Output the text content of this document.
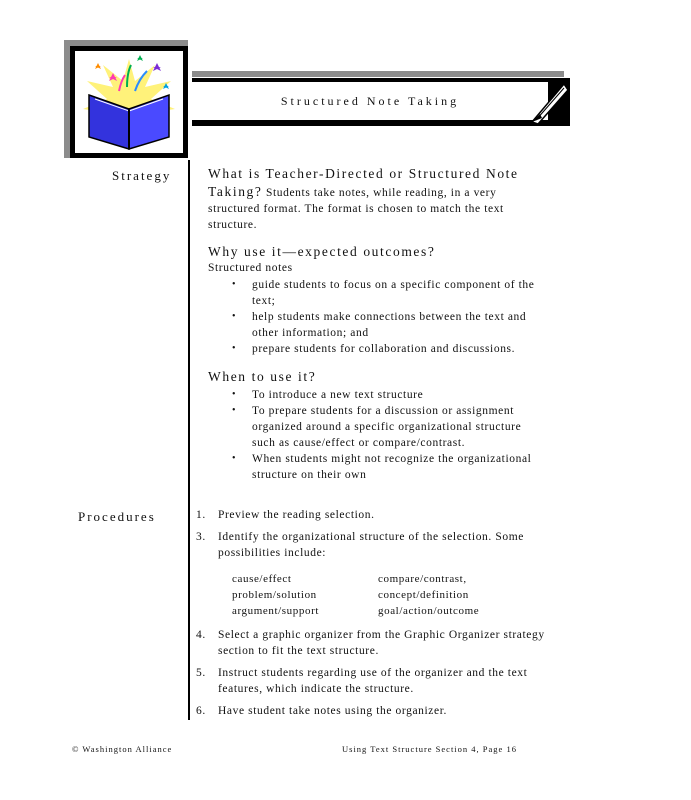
Structured Note Taking
Strategy	What is Teacher-Directed or Structured Note
Taking? Students take notes, while reading, in a very structured format. The format is chosen to match the text structure.
Why use it—expected outcomes?
Structured notes
• guide students to focus on a specific component of the text;
• help students make connections between the text and other information; and
• prepare students for collaboration and discussions.
When to use it?
• To introduce a new text structure
• To prepare students for a discussion or assignment organized around a specific organizational structure such as cause/effect or compare/contrast.
• When students might not recognize the organizational structure on their own
Procedures	1.	Preview the reading selection.
3.	Identify the organizational structure of the selection. Some possibilities include:
cause/effect	compare/contrast,
problem/solution	concept/definition
argument/support	goal/action/outcome
4.	Select a graphic organizer from the Graphic Organizer strategy section to fit the text structure.
5.	Instruct students regarding use of the organizer and the text features, which indicate the structure.
6.	Have student take notes using the organizer.
© Washington Alliance	Using Text Structure Section 4, Page 16
